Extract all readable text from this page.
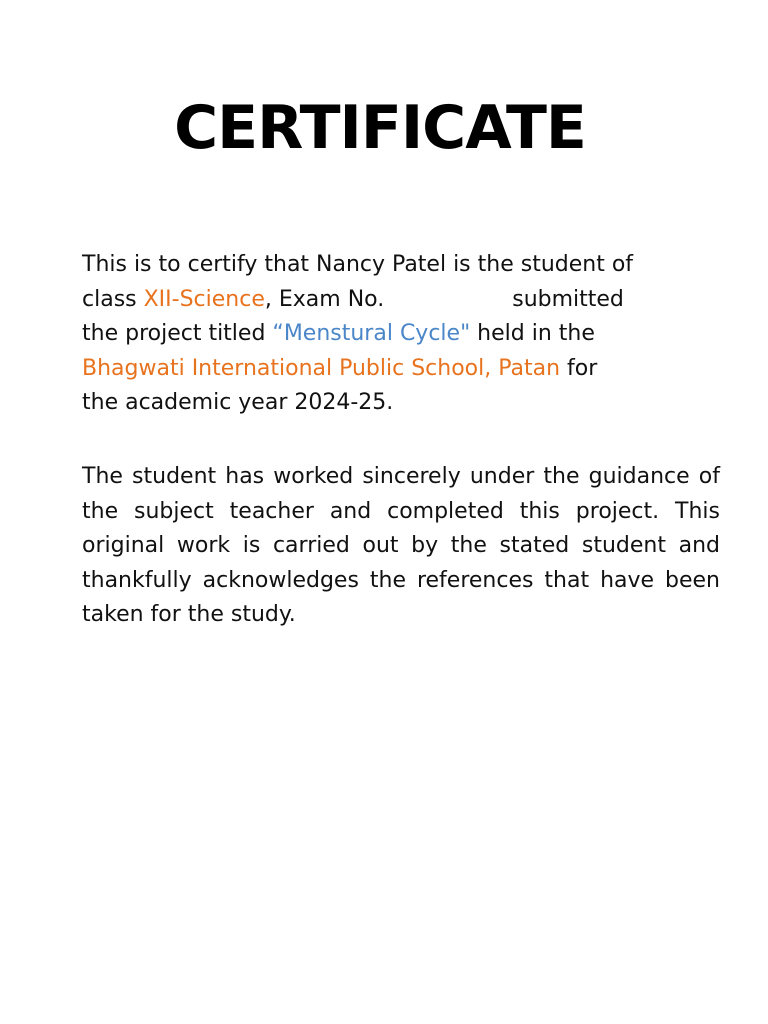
CERTIFICATE
This is to certify that Nancy Patel is the student of
class XII-Science, Exam No.	submitted
the project titled “Menstural Cycle" held in the
Bhagwati International Public School, Patan for
the academic year 2024-25.
The student has worked sincerely under the guidance of the subject teacher and completed this project. This original work is carried out by the stated student and thankfully acknowledges the references that have been taken for the study.
